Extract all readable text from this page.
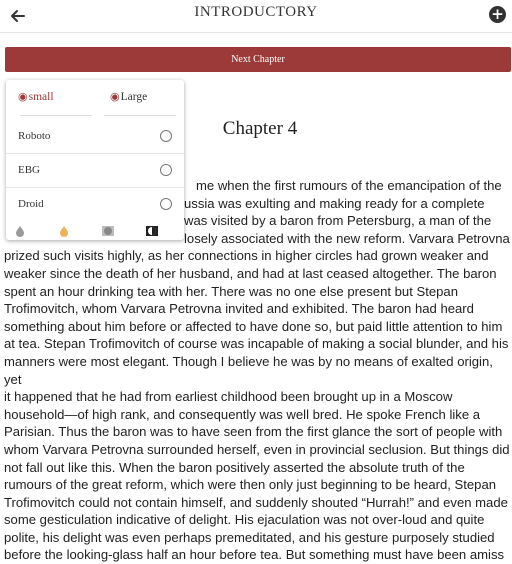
INTRODUCTORY	+
Next Chapter
Chapter 4

me when the first rumours of the emancipation of the

ussia was exulting and making ready for a complete

was visited by a baron from Petersburg, a man of the

losely associated with the new reform. Varvara Petrovna

prized such visits highly, as her connections in higher circles had grown weaker and

weaker since the death of her husband, and had at last ceased altogether. The baron

spent an hour drinking tea with her. There was no one else present but Stepan

Trofimovitch, whom Varvara Petrovna invited and exhibited. The baron had heard

something about him before or affected to have done so, but paid little attention to him

at tea. Stepan Trofimovitch of course was incapable of making a social blunder, and his

manners were most elegant. Though I believe he was by no means of exalted origin, yet

it happened that he had from earliest childhood been brought up in a Moscow

household—of high rank, and consequently was well bred. He spoke French like a

Parisian. Thus the baron was to have seen from the first glance the sort of people with

whom Varvara Petrovna surrounded herself, even in provincial seclusion. But things did

not fall out like this. When the baron positively asserted the absolute truth of the

rumours of the great reform, which were then only just beginning to be heard, Stepan

Trofimovitch could not contain himself, and suddenly shouted “Hurrah!” and even made

some gesticulation indicative of delight. His ejaculation was not over-loud and quite

polite, his delight was even perhaps premeditated, and his gesture purposely studied

before the looking-glass half an hour before tea. But something must have been amiss

◉small	◉Large
Roboto
EBG
Droid
